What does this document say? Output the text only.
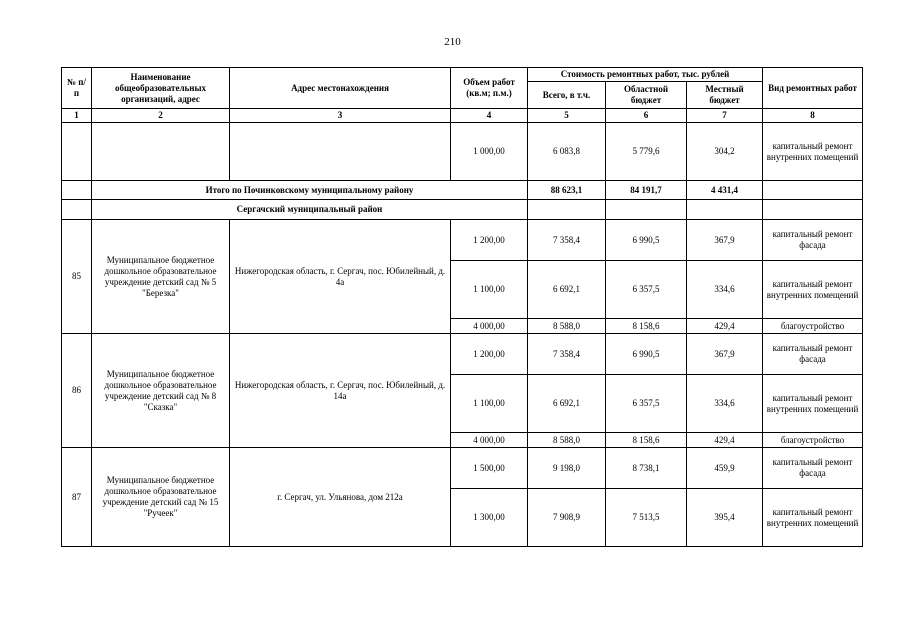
210
№ п/п	Наименование общеобразовательных организаций, адрес	Адрес местонахождения	Объем работ (кв.м; п.м.)	Стоимость ремонтных работ, тыс. рублей			Вид ремонтных работ
				Всего, в т.ч.	Областной бюджет	Местный бюджет	
1	2	3	4	5	6	7	8
			1 000,00	6 083,8	5 779,6	304,2	капитальный ремонт внутренних помещений
	Итого по Починковскому муниципальному району			88 623,1	84 191,7	4 431,4	
	Сергачский муниципальный район						
85	Муниципальное бюджетное дошкольное образовательное учреждение детский сад № 5 "Березка"	Нижегородская область, г. Сергач, пос. Юбилейный, д. 4а	1 200,00	7 358,4	6 990,5	367,9	капитальный ремонт фасада
			1 100,00	6 692,1	6 357,5	334,6	капитальный ремонт внутренних помещений
			4 000,00	8 588,0	8 158,6	429,4	благоустройство
86	Муниципальное бюджетное дошкольное образовательное учреждение детский сад № 8 "Сказка"	Нижегородская область, г. Сергач, пос. Юбилейный, д. 14а	1 200,00	7 358,4	6 990,5	367,9	капитальный ремонт фасада
			1 100,00	6 692,1	6 357,5	334,6	капитальный ремонт внутренних помещений
			4 000,00	8 588,0	8 158,6	429,4	благоустройство
87	Муниципальное бюджетное дошкольное образовательное учреждение детский сад № 15 "Ручеек"	г. Сергач, ул. Ульянова, дом 212а	1 500,00	9 198,0	8 738,1	459,9	капитальный ремонт фасада
			1 300,00	7 908,9	7 513,5	395,4	капитальный ремонт внутренних помещений
